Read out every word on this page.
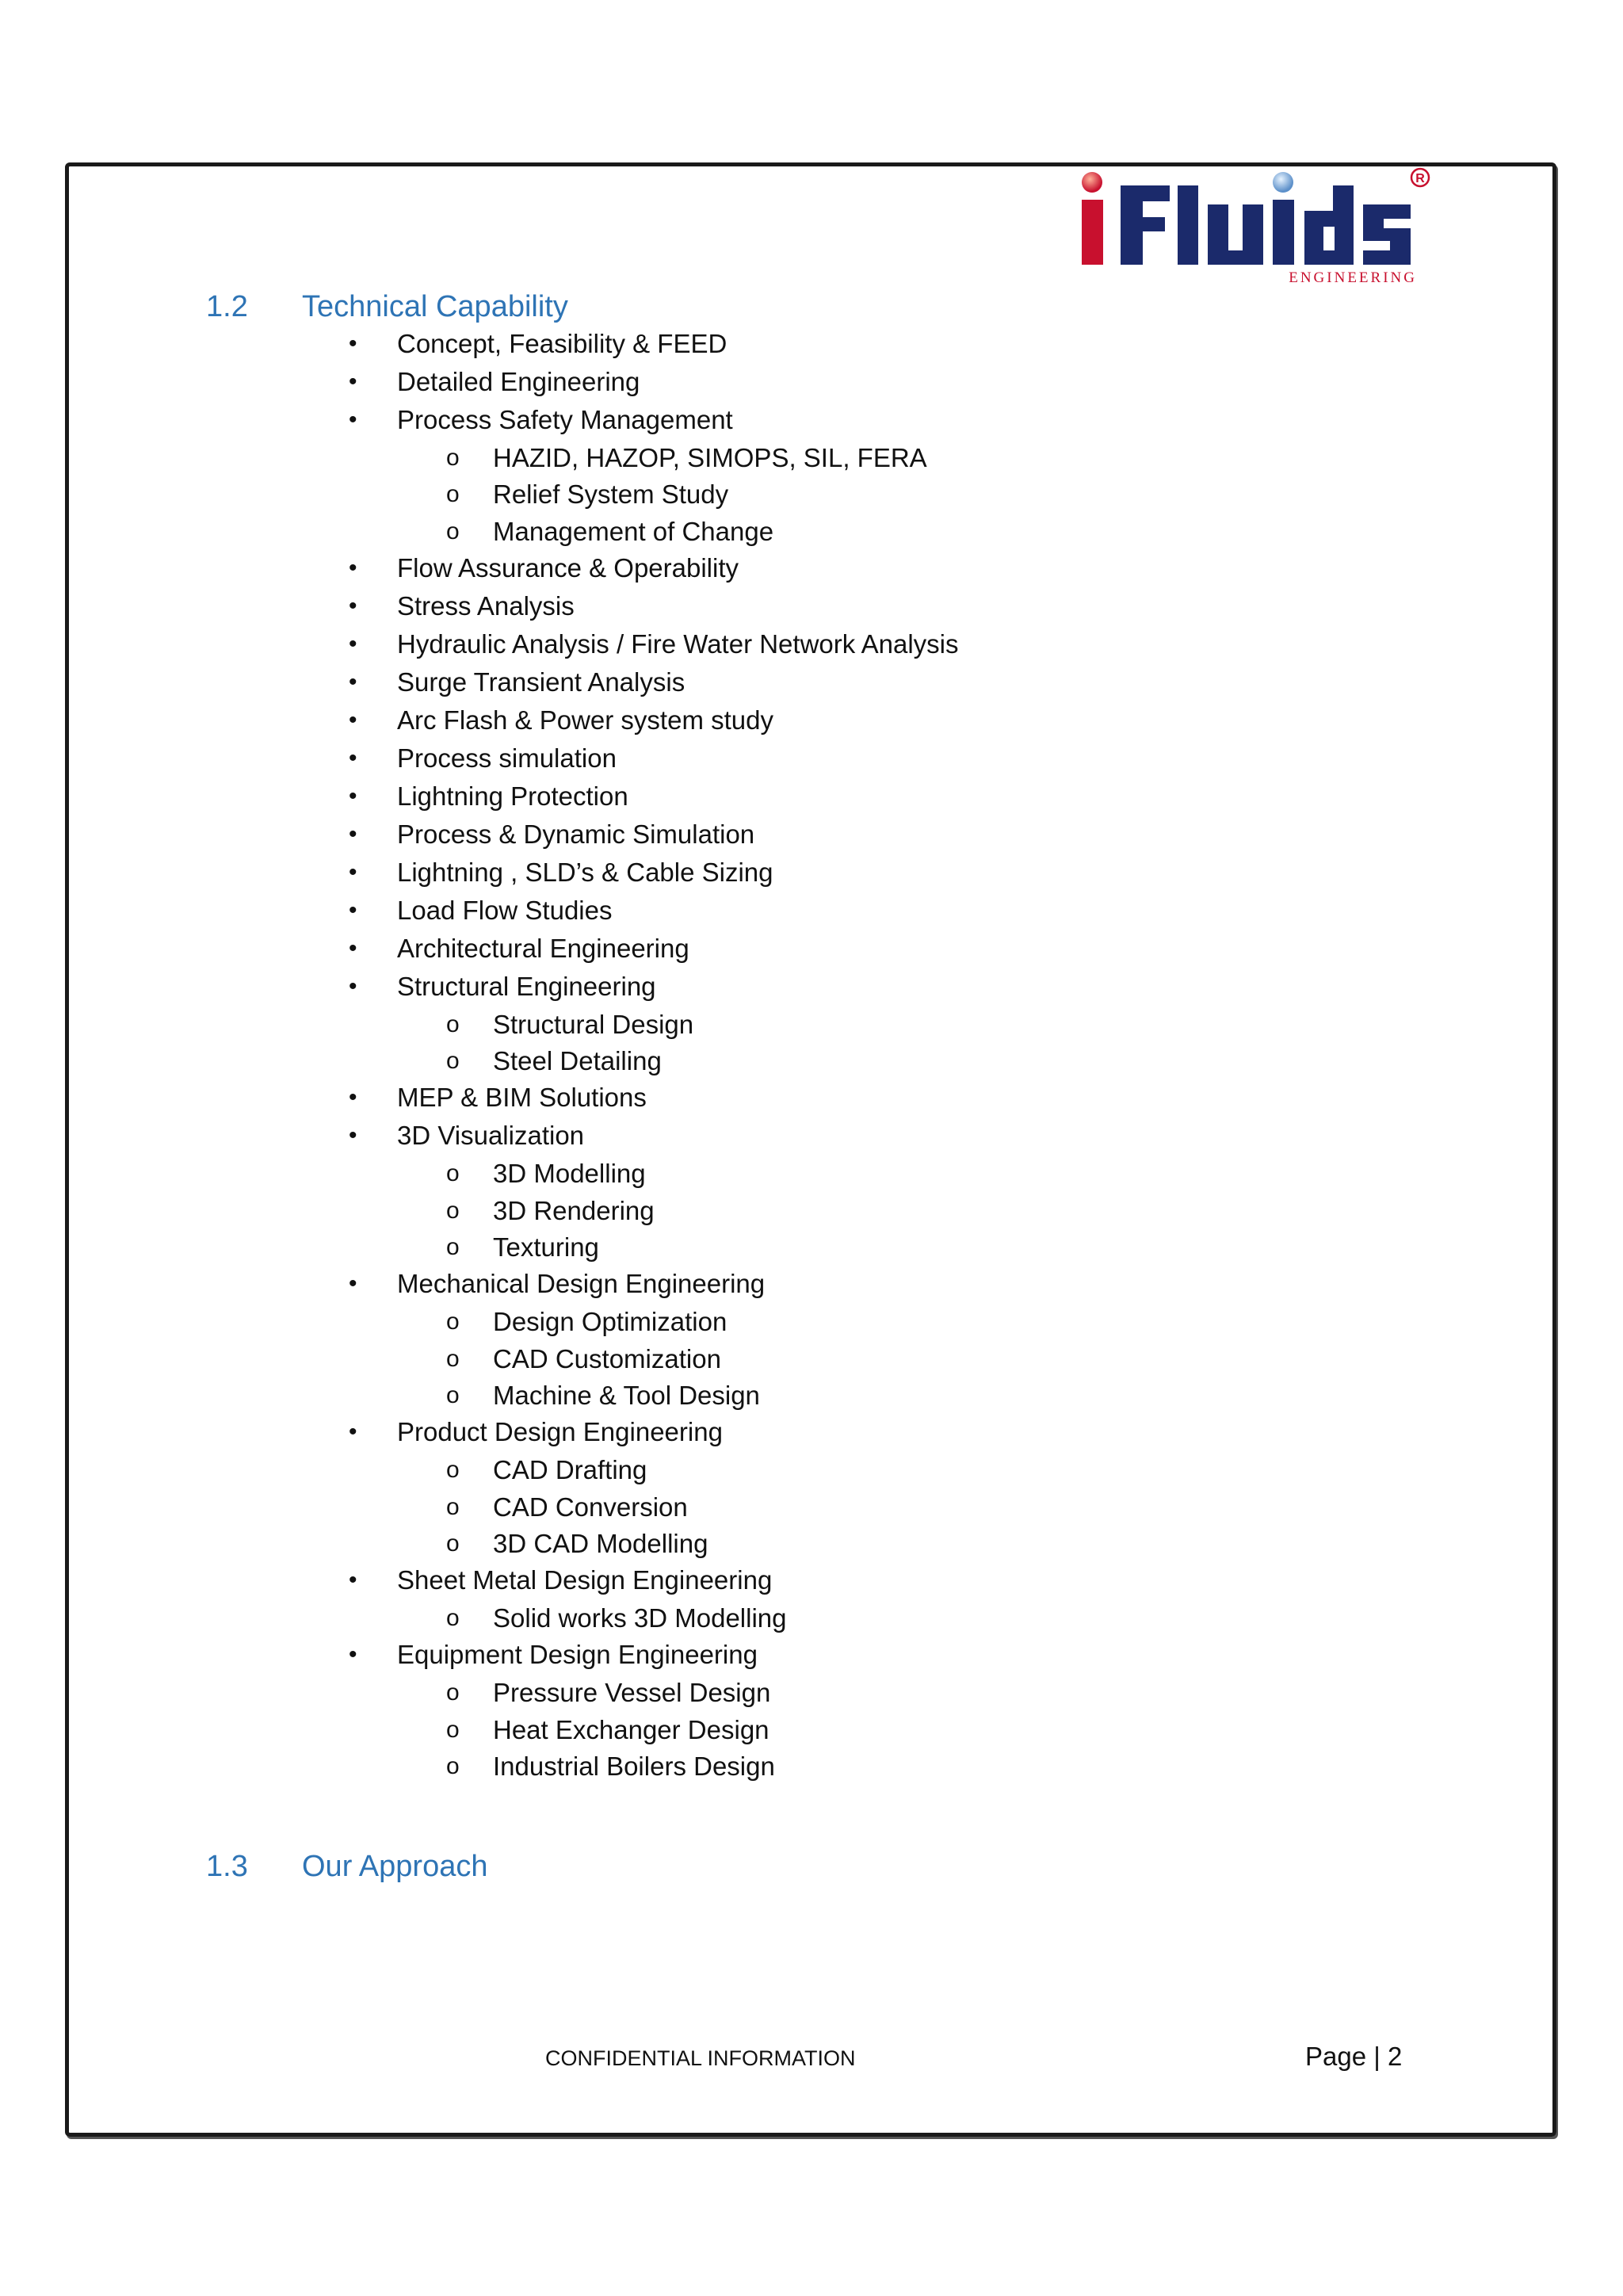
R
ENGINEERING
1.2 Technical Capability
• Concept, Feasibility & FEED
• Detailed Engineering
• Process Safety Management
o HAZID, HAZOP, SIMOPS, SIL, FERA
o Relief System Study
o Management of Change
• Flow Assurance & Operability
• Stress Analysis
• Hydraulic Analysis / Fire Water Network Analysis
• Surge Transient Analysis
• Arc Flash & Power system study
• Process simulation
• Lightning Protection
• Process & Dynamic Simulation
• Lightning , SLD’s & Cable Sizing
• Load Flow Studies
• Architectural Engineering
• Structural Engineering
o Structural Design
o Steel Detailing
• MEP & BIM Solutions
• 3D Visualization
o 3D Modelling
o 3D Rendering
o Texturing
• Mechanical Design Engineering
o Design Optimization
o CAD Customization
o Machine & Tool Design
• Product Design Engineering
o CAD Drafting
o CAD Conversion
o 3D CAD Modelling
• Sheet Metal Design Engineering
o Solid works 3D Modelling
• Equipment Design Engineering
o Pressure Vessel Design
o Heat Exchanger Design
o Industrial Boilers Design
1.3 Our Approach
CONFIDENTIAL INFORMATION	Page | 2
